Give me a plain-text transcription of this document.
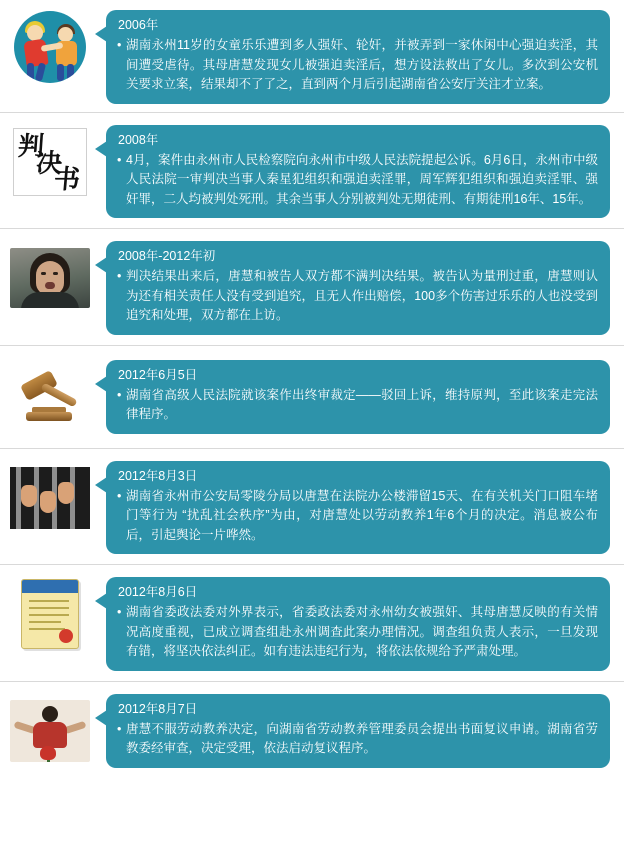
2006年
• 湖南永州11岁的女童乐乐遭到多人强奸、轮奸，并被弄到一家休闲中心强迫卖淫，其间遭受虐待。其母唐慧发现女儿被强迫卖淫后，想方设法救出了女儿。多次到公安机关要求立案，结果却不了了之，直到两个月后引起湖南省公安厅关注才立案。
判
决
书
2008年
• 4月，案件由永州市人民检察院向永州市中级人民法院提起公诉。6月6日，永州市中级人民法院一审判决当事人秦星犯组织和强迫卖淫罪，周军辉犯组织和强迫卖淫罪、强奸罪，二人均被判处死刑。其余当事人分别被判处无期徒刑、有期徒刑16年、15年。
2008年-2012年初
• 判决结果出来后，唐慧和被告人双方都不满判决结果。被告认为量刑过重，唐慧则认为还有相关责任人没有受到追究，且无人作出赔偿，100多个伤害过乐乐的人也没受到追究和处理，双方都在上访。
2012年6月5日
• 湖南省高级人民法院就该案作出终审裁定——驳回上诉，维持原判，至此该案走完法律程序。
2012年8月3日
• 湖南省永州市公安局零陵分局以唐慧在法院办公楼滞留15天、在有关机关门口阻车堵门等行为 “扰乱社会秩序”为由，对唐慧处以劳动教养1年6个月的决定。消息被公布后，引起舆论一片哗然。
2012年8月6日
• 湖南省委政法委对外界表示，省委政法委对永州幼女被强奸、其母唐慧反映的有关情况高度重视，已成立调查组赴永州调查此案办理情况。调查组负责人表示，一旦发现有错，将坚决依法纠正。如有违法违纪行为，将依法依规给予严肃处理。
2012年8月7日
• 唐慧不服劳动教养决定，向湖南省劳动教养管理委员会提出书面复议申请。湖南省劳教委经审查，决定受理，依法启动复议程序。
